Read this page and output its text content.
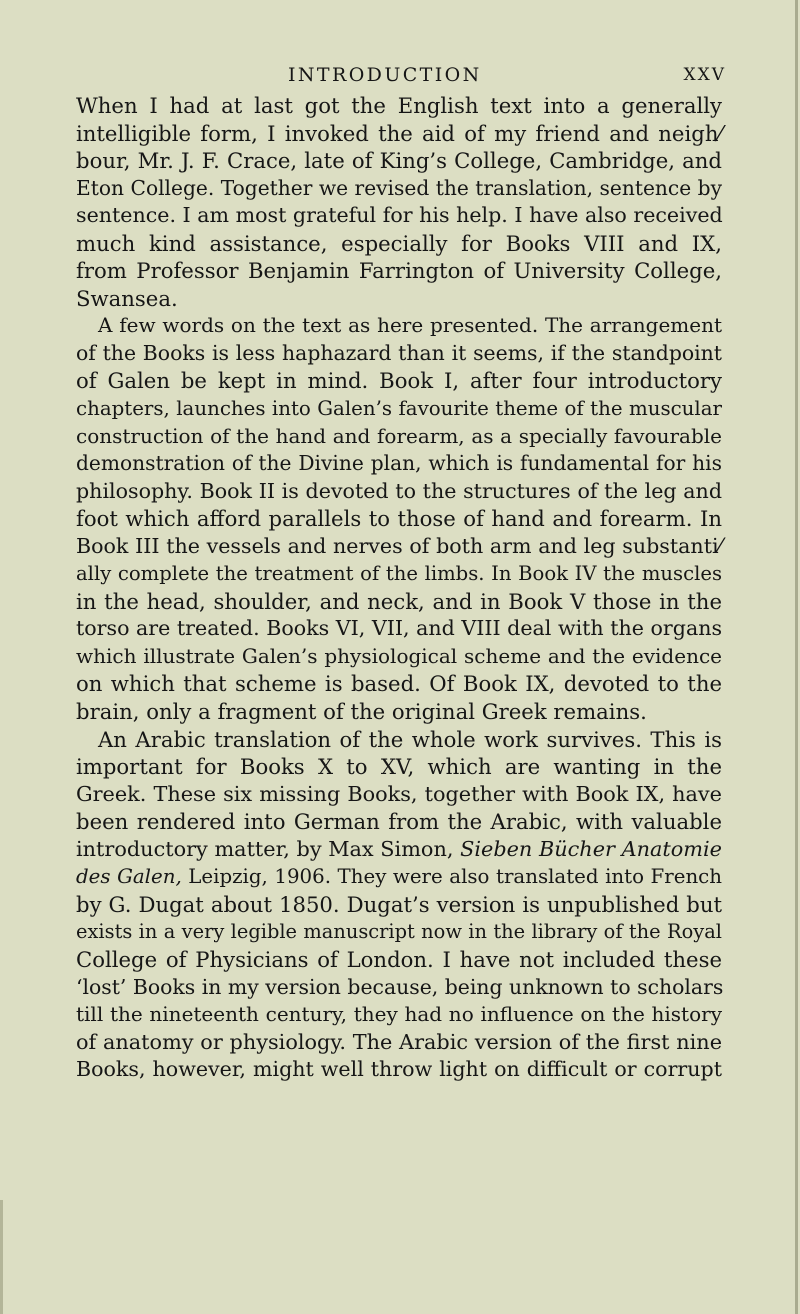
INTRODUCTION	XXV
When I had at last got the English text into a generally
intelligible form, I invoked the aid of my friend and neigh⁄
bour, Mr. J. F. Crace, late of King’s College, Cambridge, and
Eton College. Together we revised the translation, sentence by
sentence. I am most grateful for his help. I have also received
much kind assistance, especially for Books VIII and IX,
from Professor Benjamin Farrington of University College,
Swansea.
A few words on the text as here presented. The arrangement
of the Books is less haphazard than it seems, if the standpoint
of Galen be kept in mind. Book I, after four introductory
chapters, launches into Galen’s favourite theme of the muscular
construction of the hand and forearm, as a specially favourable
demonstration of the Divine plan, which is fundamental for his
philosophy. Book II is devoted to the structures of the leg and
foot which afford parallels to those of hand and forearm. In
Book III the vessels and nerves of both arm and leg substanti⁄
ally complete the treatment of the limbs. In Book IV the muscles
in the head, shoulder, and neck, and in Book V those in the
torso are treated. Books VI, VII, and VIII deal with the organs
which illustrate Galen’s physiological scheme and the evidence
on which that scheme is based. Of Book IX, devoted to the
brain, only a fragment of the original Greek remains.
An Arabic translation of the whole work survives. This is
important for Books X to XV, which are wanting in the
Greek. These six missing Books, together with Book IX, have
been rendered into German from the Arabic, with valuable
introductory matter, by Max Simon, Sieben Bücher Anatomie
des Galen, Leipzig, 1906. They were also translated into French
by G. Dugat about 1850. Dugat’s version is unpublished but
exists in a very legible manuscript now in the library of the Royal
College of Physicians of London. I have not included these
‘lost’ Books in my version because, being unknown to scholars
till the nineteenth century, they had no influence on the history
of anatomy or physiology. The Arabic version of the first nine
Books, however, might well throw light on difficult or corrupt
